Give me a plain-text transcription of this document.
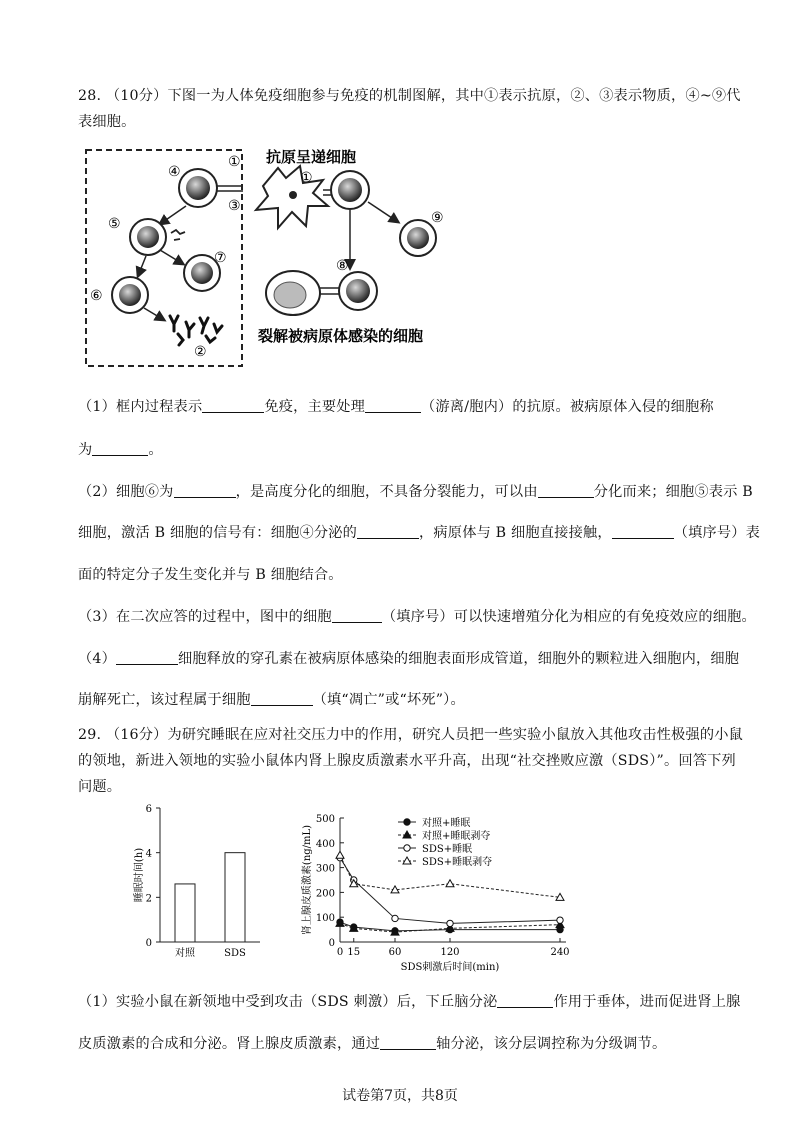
28. （10分）下图一为人体免疫细胞参与免疫的机制图解，其中①表示抗原，②、③表示物质，④~⑨代
表细胞。
④
①
③
抗原呈递细胞
①
⑨
⑧
裂解被病原体感染的细胞
⑤
⑦
⑥
②
（1）框内过程表示	免疫，主要处理	（游离/胞内）的抗原。被病原体入侵的细胞称
为	。
（2）细胞⑥为	，是高度分化的细胞，不具备分裂能力，可以由	分化而来；细胞⑤表示 B
细胞，激活 B 细胞的信号有：细胞④分泌的	，病原体与 B 细胞直接接触，	（填序号）表
面的特定分子发生变化并与 B 细胞结合。
（3）在二次应答的过程中，图中的细胞	（填序号）可以快速增殖分化为相应的有免疫效应的细胞。
（4）	细胞释放的穿孔素在被病原体感染的细胞表面形成管道，细胞外的颗粒进入细胞内，细胞
崩解死亡，该过程属于细胞	（填“凋亡”或“坏死”）。
29. （16分）为研究睡眠在应对社交压力中的作用，研究人员把一些实验小鼠放入其他攻击性极强的小鼠
的领地，新进入领地的实验小鼠体内肾上腺皮质激素水平升高，出现“社交挫败应激（SDS）”。回答下列
问题。
0
2
4
6
睡眠时间(h)
对照	SDS
0
100
200
300
400
500
0 15	60	120	240
SDS刺激后时间(min)
肾上腺皮质激素(ng/mL)
对照+睡眠
对照+睡眠剥夺
SDS+睡眠
SDS+睡眠剥夺
（1）实验小鼠在新领地中受到攻击（SDS 刺激）后，下丘脑分泌	作用于垂体，进而促进肾上腺
皮质激素的合成和分泌。肾上腺皮质激素，通过	轴分泌，该分层调控称为分级调节。
试卷第7页，共8页
